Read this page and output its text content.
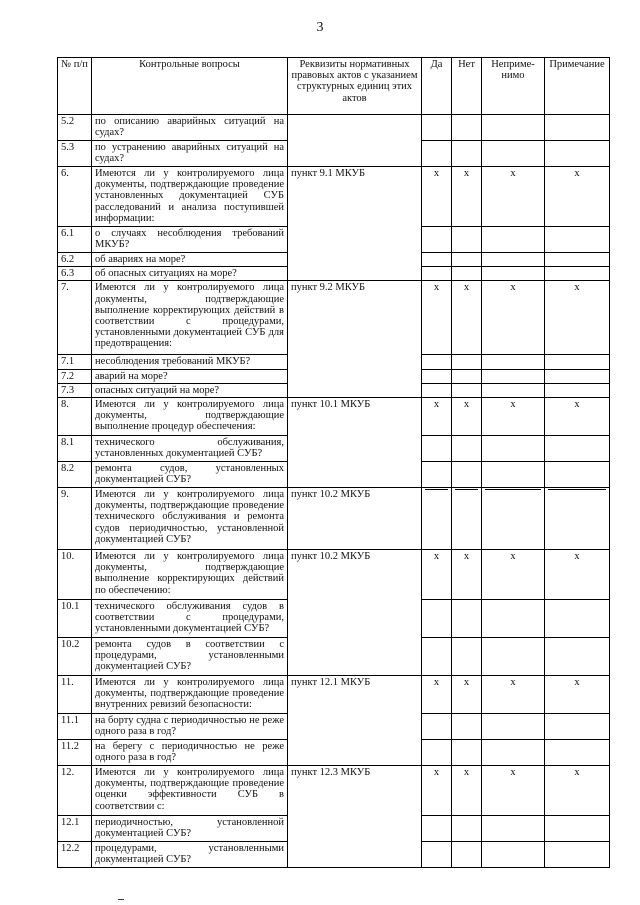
3
№ п/п	Контрольные вопросы	Реквизиты нормативных правовых актов с указанием структурных единиц этих актов	Да	Нет	Неприме-нимо	Примечание
5.2	по описанию аварийных ситуаций на судах?					
5.3	по устранению аварийных ситуаций на судах?					
6.	Имеются ли у контролируемого лица документы, подтверждающие проведение установленных документацией СУБ расследований и анализа поступившей информации:	пункт 9.1 МКУБ	x	x	x	x
6.1	о случаях несоблюдения требований МКУБ?					
6.2	об авариях на море?					
6.3	об опасных ситуациях на море?					
7.	Имеются ли у контролируемого лица документы, подтверждающие выполнение корректирующих действий в соответствии с процедурами, установленными документацией СУБ для предотвращения:	пункт 9.2 МКУБ	x	x	x	x
7.1	несоблюдения требований МКУБ?					
7.2	аварий на море?					
7.3	опасных ситуаций на море?					
8.	Имеются ли у контролируемого лица документы, подтверждающие выполнение процедур обеспечения:	пункт 10.1 МКУБ	x	x	x	x
8.1	технического обслуживания, установленных документацией СУБ?					
8.2	ремонта судов, установленных документацией СУБ?					
9.	Имеются ли у контролируемого лица документы, подтверждающие проведение технического обслуживания и ремонта судов периодичностью, установленной документацией СУБ?	пункт 10.2 МКУБ	

10.	Имеются ли у контролируемого лица документы, подтверждающие выполнение корректирующих действий по обеспечению:	пункт 10.2 МКУБ	x	x	x	x
10.1	технического обслуживания судов в соответствии с процедурами, установленными документацией СУБ?					
10.2	ремонта судов в соответствии с процедурами, установленными документацией СУБ?					
11.	Имеются ли у контролируемого лица документы, подтверждающие проведение внутренних ревизий безопасности:	пункт 12.1 МКУБ	x	x	x	x
11.1	на борту судна с периодичностью не реже одного раза в год?					
11.2	на берегу с периодичностью не реже одного раза в год?					
12.	Имеются ли у контролируемого лица документы, подтверждающие проведение оценки эффективности СУБ в соответствии с:	пункт 12.3 МКУБ	x	x	x	x
12.1	периодичностью, установленной документацией СУБ?					
12.2	процедурами, установленными документацией СУБ?					
